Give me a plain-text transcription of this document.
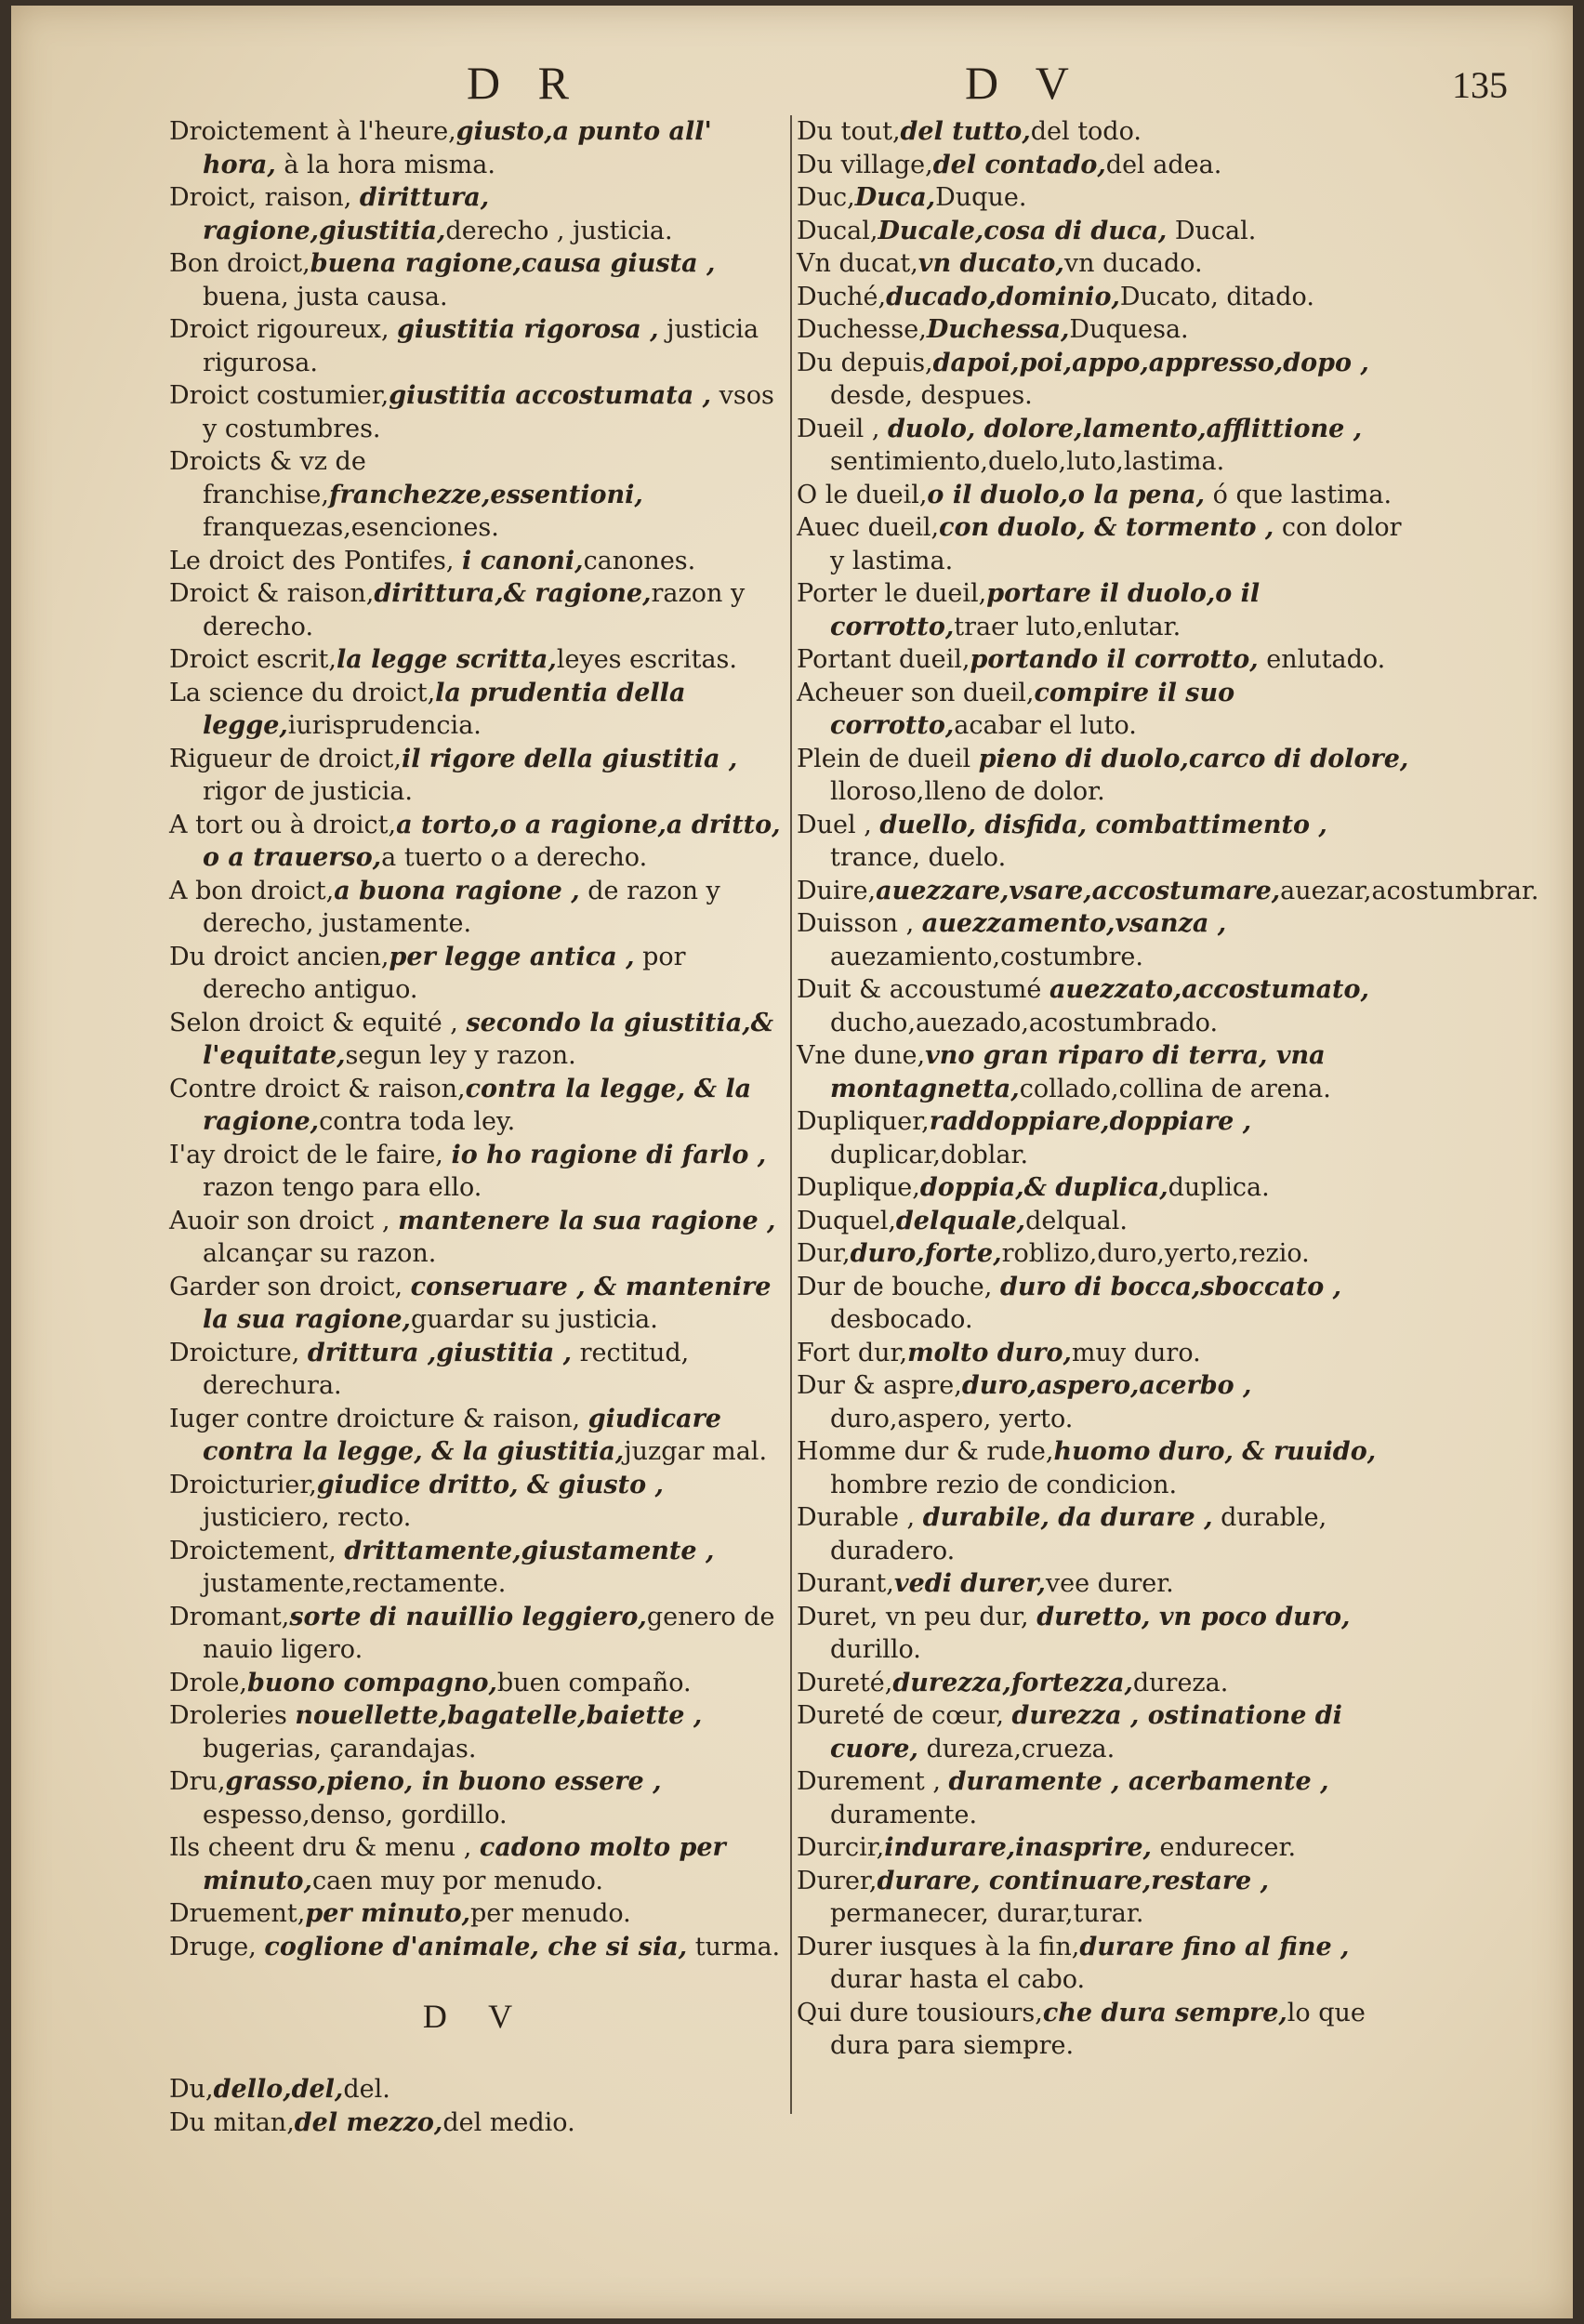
D R	D V	135
Droictement à l'heure,giusto,a punto all' hora, à la hora misma.
Droict, raison, dirittura, ragione,giustitia,derecho , justicia.
Bon droict,buena ragione,causa giusta , buena, justa causa.
Droict rigoureux, giustitia rigorosa , justicia rigurosa.
Droict costumier,giustitia accostumata , vsos y costumbres.
Droicts & vz de franchise,franchezze,essentioni, franquezas,esenciones.
Le droict des Pontifes, i canoni,canones.
Droict & raison,dirittura,& ragione,razon y derecho.
Droict escrit,la legge scritta,leyes escritas.
La science du droict,la prudentia della legge,iurisprudencia.
Rigueur de droict,il rigore della giustitia , rigor de justicia.
A tort ou à droict,a torto,o a ragione,a dritto, o a trauerso,a tuerto o a derecho.
A bon droict,a buona ragione , de razon y derecho, justamente.
Du droict ancien,per legge antica , por derecho antiguo.
Selon droict & equité , secondo la giustitia,& l'equitate,segun ley y razon.
Contre droict & raison,contra la legge, & la ragione,contra toda ley.
I'ay droict de le faire, io ho ragione di farlo , razon tengo para ello.
Auoir son droict , mantenere la sua ragione , alcançar su razon.
Garder son droict, conseruare , & mantenire la sua ragione,guardar su justicia.
Droicture, drittura ,giustitia , rectitud, derechura.
Iuger contre droicture & raison, giudicare contra la legge, & la giustitia,juzgar mal.
Droicturier,giudice dritto, & giusto , justiciero, recto.
Droictement, drittamente,giustamente , justamente,rectamente.
Dromant,sorte di nauillio leggiero,genero de nauio ligero.
Drole,buono compagno,buen compaño.
Droleries nouellette,bagatelle,baiette , bugerias, çarandajas.
Dru,grasso,pieno, in buono essere , espesso,denso, gordillo.
Ils cheent dru & menu , cadono molto per minuto,caen muy por menudo.
Druement,per minuto,per menudo.
Druge, coglione d'animale, che si sia, turma.
D V
Du,dello,del,del.
Du mitan,del mezzo,del medio.
Du tout,del tutto,del todo.
Du village,del contado,del adea.
Duc,Duca,Duque.
Ducal,Ducale,cosa di duca, Ducal.
Vn ducat,vn ducato,vn ducado.
Duché,ducado,dominio,Ducato, ditado.
Duchesse,Duchessa,Duquesa.
Du depuis,dapoi,poi,appo,appresso,dopo , desde, despues.
Dueil , duolo, dolore,lamento,afflittione , sentimiento,duelo,luto,lastima.
O le dueil,o il duolo,o la pena, ó que lastima.
Auec dueil,con duolo, & tormento , con dolor y lastima.
Porter le dueil,portare il duolo,o il corrotto,traer luto,enlutar.
Portant dueil,portando il corrotto, enlutado.
Acheuer son dueil,compire il suo corrotto,acabar el luto.
Plein de dueil pieno di duolo,carco di dolore, lloroso,lleno de dolor.
Duel , duello, disfida, combattimento , trance, duelo.
Duire,auezzare,vsare,accostumare,auezar,acostumbrar.
Duisson , auezzamento,vsanza , auezamiento,costumbre.
Duit & accoustumé auezzato,accostumato, ducho,auezado,acostumbrado.
Vne dune,vno gran riparo di terra, vna montagnetta,collado,collina de arena.
Dupliquer,raddoppiare,doppiare , duplicar,doblar.
Duplique,doppia,& duplica,duplica.
Duquel,delquale,delqual.
Dur,duro,forte,roblizo,duro,yerto,rezio.
Dur de bouche, duro di bocca,sboccato , desbocado.
Fort dur,molto duro,muy duro.
Dur & aspre,duro,aspero,acerbo , duro,aspero, yerto.
Homme dur & rude,huomo duro, & ruuido, hombre rezio de condicion.
Durable , durabile, da durare , durable, duradero.
Durant,vedi durer,vee durer.
Duret, vn peu dur, duretto, vn poco duro, durillo.
Dureté,durezza,fortezza,dureza.
Dureté de cœur, durezza , ostinatione di cuore, dureza,crueza.
Durement , duramente , acerbamente , duramente.
Durcir,indurare,inasprire, endurecer.
Durer,durare, continuare,restare , permanecer, durar,turar.
Durer iusques à la fin,durare fino al fine , durar hasta el cabo.
Qui dure tousiours,che dura sempre,lo que dura para siempre.
